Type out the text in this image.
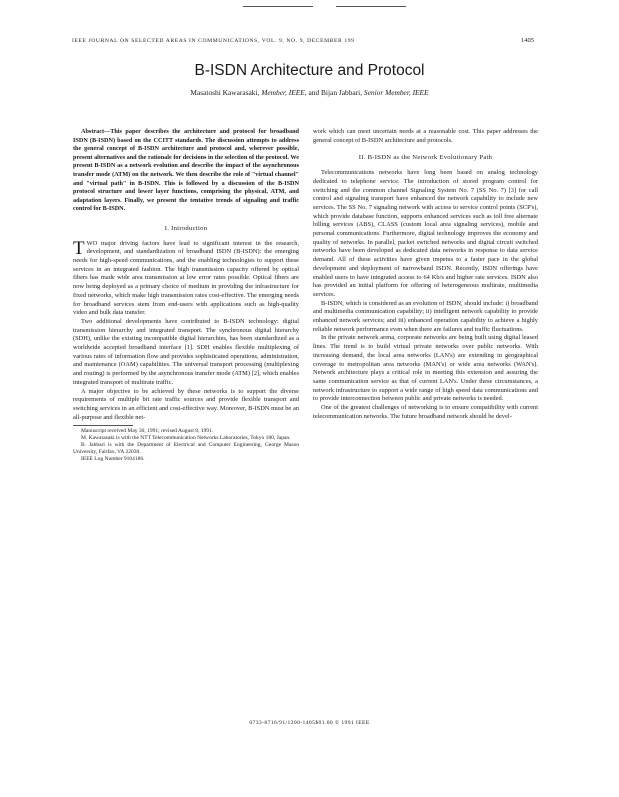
IEEE JOURNAL ON SELECTED AREAS IN COMMUNICATIONS, VOL. 9, NO. 9, DECEMBER 199	1405
B-ISDN Architecture and Protocol
Masatoshi Kawarasaki, Member, IEEE, and Bijan Jabbari, Senior Member, IEEE

Abstract—This paper describes the architecture and protocol for broadband ISDN (B-ISDN) based on the CCITT standards. The discussion attempts to address the general concept of B-ISDN architecture and protocol and, wherever possible, present alternatives and the rationale for decisions in the selection of the protocol. We present B-ISDN as a network evolution and describe the impact of the asynchronous transfer mode (ATM) on the network. We then describe the role of "virtual channel" and "virtual path" in B-ISDN. This is followed by a discussion of the B-ISDN protocol structure and lower layer functions, comprising the physical, ATM, and adaptation layers. Finally, we present the tentative trends of signaling and traffic control for B-ISDN.

I. Introduction

TWO major driving factors have lead to significant interest in the research, development, and standardization of broadband ISDN (B-ISDN): the emerging needs for high-speed communications, and the enabling technologies to support these services in an integrated fashion. The high transmission capacity offered by optical fibers has made wide area transmission at low error rates possible. Optical fibers are now being deployed as a primary choice of medium in providing the infrastructure for fixed networks, which make high transmission rates cost-effective. The emerging needs for broadband services stem from end-users with applications such as high-quality video and bulk data transfer.

Two additional developments have contributed to B-ISDN technology: digital transmission hierarchy and integrated transport. The synchronous digital hierarchy (SDH), unlike the existing incompatible digital hierarchies, has been standardized as a worldwide accepted broadband interface [1]. SDH enables flexible multiplexing of various rates of information flow and provides sophisticated operations, administration, and maintenance (OAM) capabilities. The universal transport processing (multiplexing and routing) is performed by the asynchronous transfer mode (ATM) [2], which enables integrated transport of multirate traffic.

A major objective to be achieved by these networks is to support the diverse requirements of multiple bit rate traffic sources and provide flexible transport and switching services in an efficient and cost-effective way. Moreover, B-ISDN must be an all-purpose and flexible net-

Manuscript received May 30, 1991; revised August 8, 1991.

M. Kawarasaki is with the NTT Telecommunication Networks Laboratories, Tokyo 180, Japan.

B. Jabbari is with the Department of Electrical and Computer Engineering, George Mason University, Fairfax, VA 22030.

IEEE Log Number 9104186.

work which can meet uncertain needs at a reasonable cost. This paper addresses the general concept of B-ISDN architecture and protocols.

II. B-ISDN as the Network Evolutionary Path

Telecommunications networks have long been based on analog technology dedicated to telephone service. The introduction of stored program control for switching and the common channel Signaling System No. 7 (SS No. 7) [3] for call control and signaling transport have enhanced the network capability to include new services. The SS No. 7 signaling network with access to service control points (SCP's), which provide database function, supports enhanced services such as toll free alternate billing services (ABS), CLASS (custom local area signaling services), mobile and personal communications. Furthermore, digital technology improves the economy and quality of networks. In parallel, packet switched networks and digital circuit switched networks have been developed as dedicated data networks in response to data service demand. All of these activities have given impetus to a faster pace in the global development and deployment of narrowband ISDN. Recently, ISDN offerings have enabled users to have integrated access to 64 Kb/s and higher rate services. ISDN also has provided an initial platform for offering of heterogeneous multirate, multimedia services.

B-ISDN, which is considered as an evolution of ISDN, should include: i) broadband and multimedia communication capability; ii) intelligent network capability to provide enhanced network services; and iii) enhanced operation capability to achieve a highly reliable network performance even when there are failures and traffic fluctuations.

In the private network arena, corporate networks are being built using digital leased lines. The trend is to build virtual private networks over public networks. With increasing demand, the local area networks (LAN's) are extending in geographical coverage to metropolitan area networks (MAN's) or wide area networks (WAN's). Network architecture plays a critical role in meeting this extension and assuring the same communication service as that of current LAN's. Under these circumstances, a network infrastructure to support a wide range of high speed data communications and to provide interconnection between public and private networks is needed.

One of the greatest challenges of networking is to ensure compatibility with current telecommunication networks. The future broadband network should be devel-

0733-8716/91/1200-1405$01.00 © 1991 IEEE
